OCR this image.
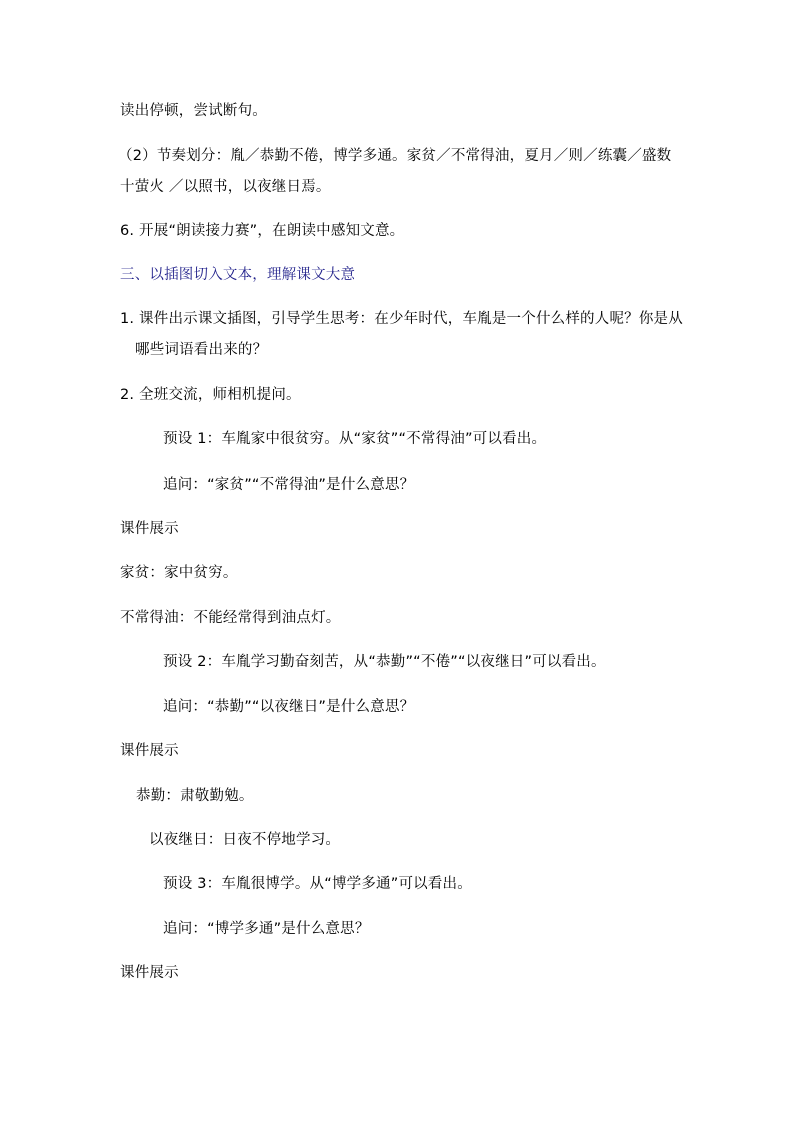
读出停顿，尝试断句。
（2）节奏划分：胤／恭勤不倦，博学多通。家贫／不常得油，夏月／则／练囊／盛数
十萤火 ／以照书，以夜继日焉。
6. 开展“朗读接力赛”，在朗读中感知文意。
三、以插图切入文本，理解课文大意
1. 课件出示课文插图，引导学生思考：在少年时代，车胤是一个什么样的人呢？你是从
哪些词语看出来的？
2. 全班交流，师相机提问。
预设 1：车胤家中很贫穷。从“家贫”“不常得油”可以看出。
追问：“家贫”“不常得油”是什么意思？
课件展示
家贫：家中贫穷。
不常得油：不能经常得到油点灯。
预设 2：车胤学习勤奋刻苦，从“恭勤”“不倦”“以夜继日”可以看出。
追问：“恭勤”“以夜继日”是什么意思？
课件展示
恭勤：肃敬勤勉。
以夜继日：日夜不停地学习。
预设 3：车胤很博学。从“博学多通”可以看出。
追问：“博学多通”是什么意思？
课件展示
